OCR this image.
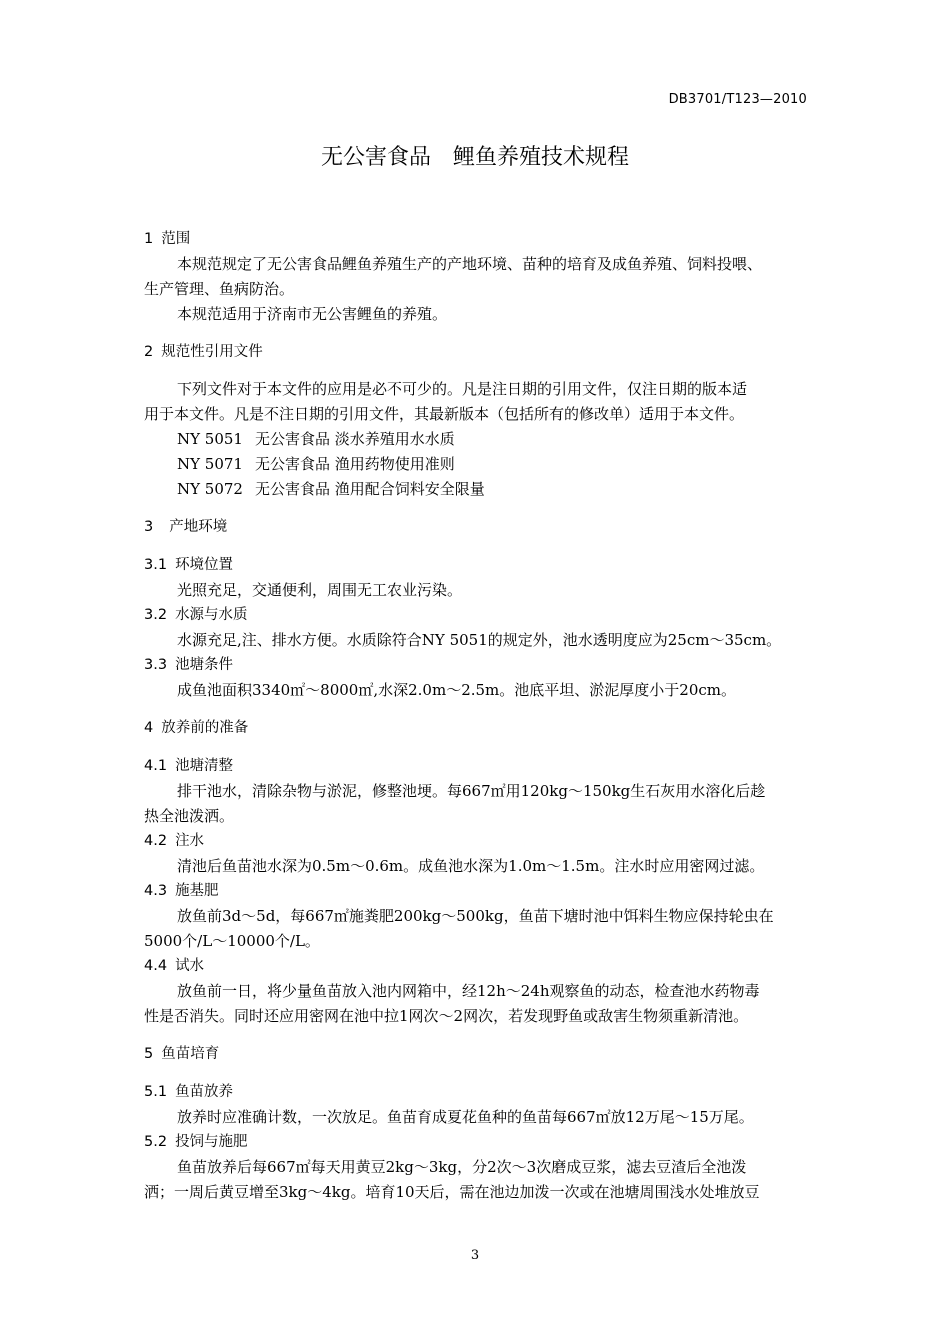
DB3701/T123—2010
无公害食品　鲤鱼养殖技术规程
1 范围
本规范规定了无公害食品鲤鱼养殖生产的产地环境、苗种的培育及成鱼养殖、饲料投喂、
生产管理、鱼病防治。
本规范适用于济南市无公害鲤鱼的养殖。
2 规范性引用文件
下列文件对于本文件的应用是必不可少的。凡是注日期的引用文件，仅注日期的版本适
用于本文件。凡是不注日期的引用文件，其最新版本（包括所有的修改单）适用于本文件。
NY 5051 无公害食品 淡水养殖用水水质
NY 5071 无公害食品 渔用药物使用准则
NY 5072 无公害食品 渔用配合饲料安全限量
3 产地环境
3.1 环境位置
光照充足，交通便利，周围无工农业污染。
3.2 水源与水质
水源充足,注、排水方便。水质除符合NY 5051的规定外，池水透明度应为25cm～35cm。
3.3 池塘条件
成鱼池面积3340㎡～8000㎡,水深2.0m～2.5m。池底平坦、淤泥厚度小于20cm。
4 放养前的准备
4.1 池塘清整
排干池水，清除杂物与淤泥，修整池埂。每667㎡用120kg～150kg生石灰用水溶化后趁
热全池泼洒。
4.2 注水
清池后鱼苗池水深为0.5m～0.6m。成鱼池水深为1.0m～1.5m。注水时应用密网过滤。
4.3 施基肥
放鱼前3d～5d，每667㎡施粪肥200kg～500kg，鱼苗下塘时池中饵料生物应保持轮虫在
5000个/L～10000个/L。
4.4 试水
放鱼前一日，将少量鱼苗放入池内网箱中，经12h～24h观察鱼的动态，检查池水药物毒
性是否消失。同时还应用密网在池中拉1网次～2网次，若发现野鱼或敌害生物须重新清池。
5 鱼苗培育
5.1 鱼苗放养
放养时应准确计数，一次放足。鱼苗育成夏花鱼种的鱼苗每667㎡放12万尾～15万尾。
5.2 投饲与施肥
鱼苗放养后每667㎡每天用黄豆2kg～3kg，分2次～3次磨成豆浆，滤去豆渣后全池泼
洒；一周后黄豆增至3kg～4kg。培育10天后，需在池边加泼一次或在池塘周围浅水处堆放豆
3
